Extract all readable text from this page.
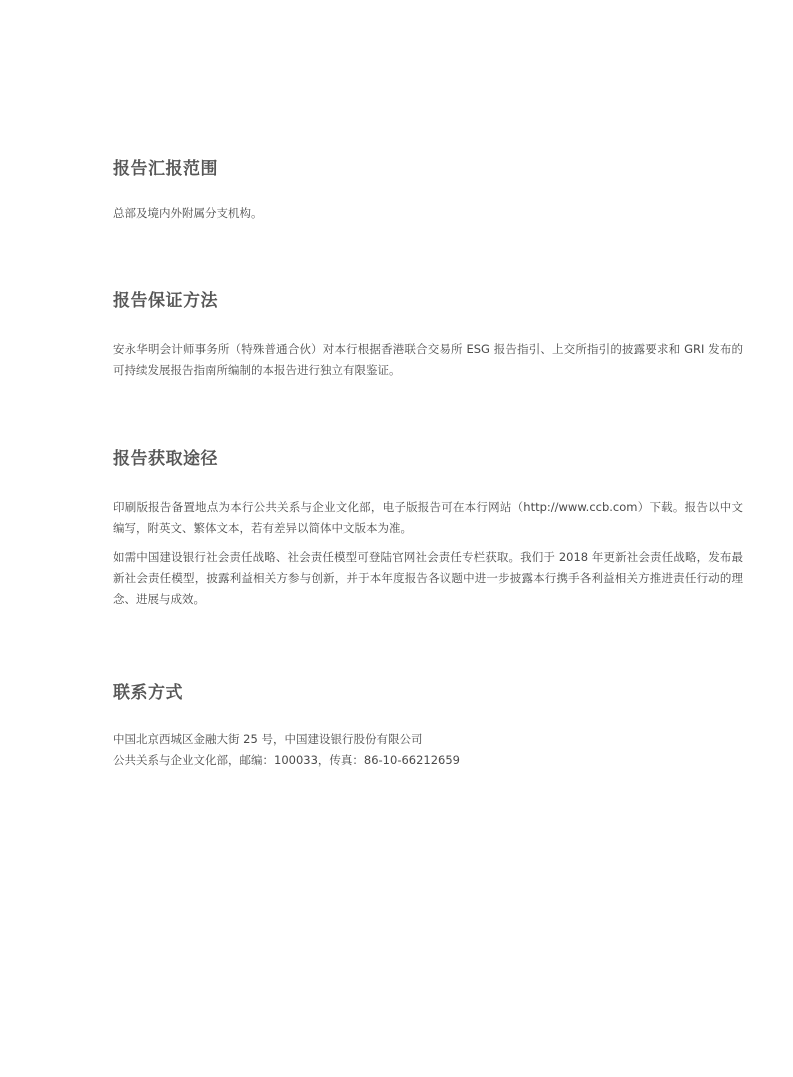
报告汇报范围

总部及境内外附属分支机构。

报告保证方法

安永华明会计师事务所（特殊普通合伙）对本行根据香港联合交易所 ESG 报告指引、上交所指引的披露要求和 GRI 发布的可持续发展报告指南所编制的本报告进行独立有限鉴证。

报告获取途径

印刷版报告备置地点为本行公共关系与企业文化部，电子版报告可在本行网站（http://www.ccb.com）下载。报告以中文编写，附英文、繁体文本，若有差异以简体中文版本为准。

如需中国建设银行社会责任战略、社会责任模型可登陆官网社会责任专栏获取。我们于 2018 年更新社会责任战略，发布最新社会责任模型，披露利益相关方参与创新，并于本年度报告各议题中进一步披露本行携手各利益相关方推进责任行动的理念、进展与成效。

联系方式

中国北京西城区金融大街 25 号，中国建设银行股份有限公司

公共关系与企业文化部，邮编：100033，传真：86-10-66212659
